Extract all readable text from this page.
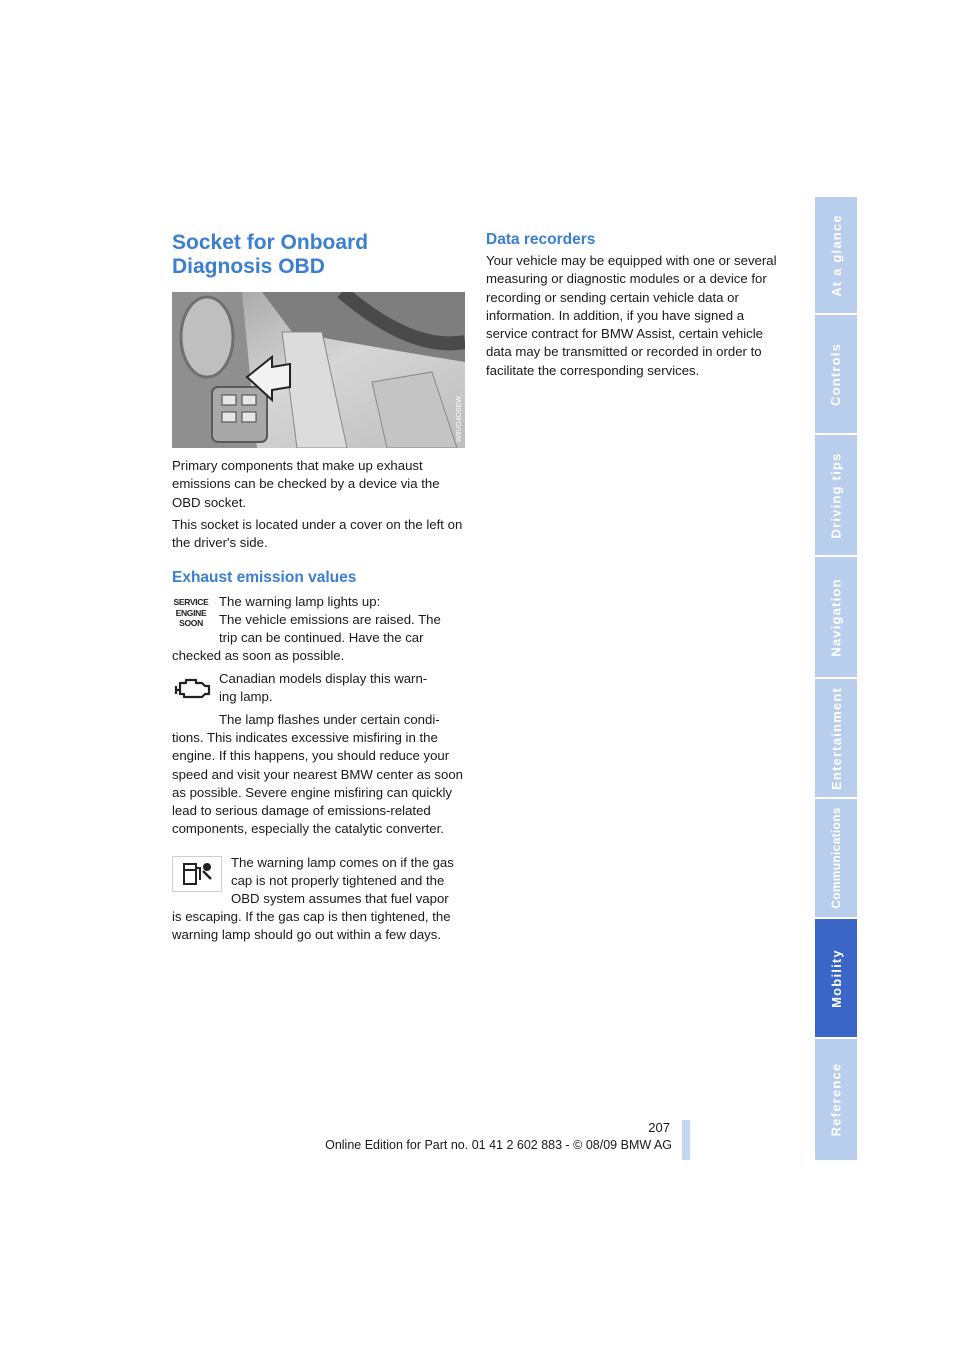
Socket for Onboard
Diagnosis OBD
W9VO4OSEW
Primary components that make up exhaust emissions can be checked by a device via the OBD socket.
This socket is located under a cover on the left on the driver's side.
Exhaust emission values
SERVICE
ENGINE
SOON
The warning lamp lights up:
The vehicle emissions are raised. The
trip can be continued. Have the car
checked as soon as possible.
Canadian models display this warn-
ing lamp.
The lamp flashes under certain condi-
tions. This indicates excessive misfiring in the engine. If this happens, you should reduce your speed and visit your nearest BMW center as soon as possible. Severe engine misfiring can quickly lead to serious damage of emissions-related components, especially the catalytic converter.
The warning lamp comes on if the gas
cap is not properly tightened and the
OBD system assumes that fuel vapor
is escaping. If the gas cap is then tightened, the warning lamp should go out within a few days.
Data recorders
Your vehicle may be equipped with one or several measuring or diagnostic modules or a device for recording or sending certain vehicle data or information. In addition, if you have signed a service contract for BMW Assist, certain vehicle data may be transmitted or recorded in order to facilitate the corresponding services.
At a glance
Controls
Driving tips
Navigation
Entertainment
Communications
Mobility
Reference
207
Online Edition for Part no. 01 41 2 602 883 - © 08/09 BMW AG
